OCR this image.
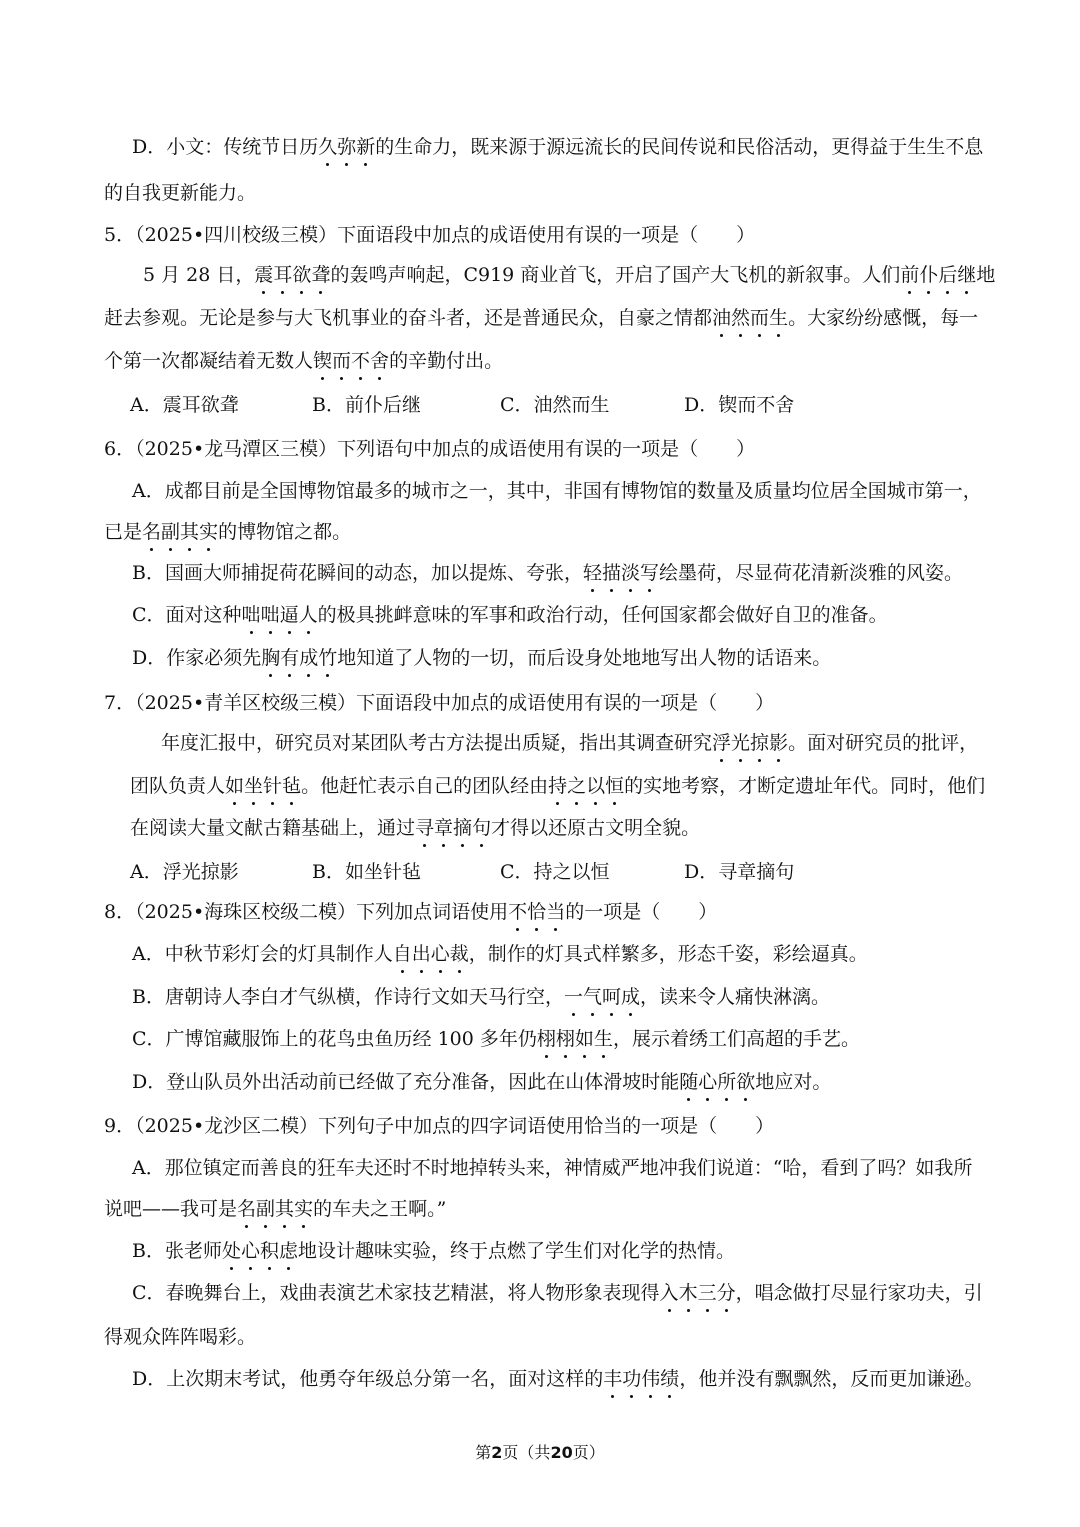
D．小文：传统节日历久弥新的生命力，既来源于源远流长的民间传说和民俗活动，更得益于生生不息

的自我更新能力。

5．（2025•四川校级三模）下面语段中加点的成语使用有误的一项是（　　）

5 月 28 日，震耳欲聋的轰鸣声响起，C919 商业首飞，开启了国产大飞机的新叙事。人们前仆后继地

赶去参观。无论是参与大飞机事业的奋斗者，还是普通民众，自豪之情都油然而生。大家纷纷感慨，每一

个第一次都凝结着无数人锲而不舍的辛勤付出。

A．震耳欲聋	B．前仆后继	C．油然而生	D．锲而不舍

6．（2025•龙马潭区三模）下列语句中加点的成语使用有误的一项是（　　）

A．成都目前是全国博物馆最多的城市之一，其中，非国有博物馆的数量及质量均位居全国城市第一，

已是名副其实的博物馆之都。

B．国画大师捕捉荷花瞬间的动态，加以提炼、夸张，轻描淡写绘墨荷，尽显荷花清新淡雅的风姿。

C．面对这种咄咄逼人的极具挑衅意味的军事和政治行动，任何国家都会做好自卫的准备。

D．作家必须先胸有成竹地知道了人物的一切，而后设身处地地写出人物的话语来。

7．（2025•青羊区校级三模）下面语段中加点的成语使用有误的一项是（　　）

年度汇报中，研究员对某团队考古方法提出质疑，指出其调查研究浮光掠影。面对研究员的批评，

团队负责人如坐针毡。他赶忙表示自己的团队经由持之以恒的实地考察，才断定遗址年代。同时，他们

在阅读大量文献古籍基础上，通过寻章摘句才得以还原古文明全貌。

A．浮光掠影	B．如坐针毡	C．持之以恒	D．寻章摘句

8．（2025•海珠区校级二模）下列加点词语使用不恰当的一项是（　　）

A．中秋节彩灯会的灯具制作人自出心裁，制作的灯具式样繁多，形态千姿，彩绘逼真。

B．唐朝诗人李白才气纵横，作诗行文如天马行空，一气呵成，读来令人痛快淋漓。

C．广博馆藏服饰上的花鸟虫鱼历经 100 多年仍栩栩如生，展示着绣工们高超的手艺。

D．登山队员外出活动前已经做了充分准备，因此在山体滑坡时能随心所欲地应对。

9．（2025•龙沙区二模）下列句子中加点的四字词语使用恰当的一项是（　　）

A．那位镇定而善良的狂车夫还时不时地掉转头来，神情威严地冲我们说道：“哈，看到了吗？如我所

说吧——我可是名副其实的车夫之王啊。”

B．张老师处心积虑地设计趣味实验，终于点燃了学生们对化学的热情。

C．春晚舞台上，戏曲表演艺术家技艺精湛，将人物形象表现得入木三分，唱念做打尽显行家功夫，引

得观众阵阵喝彩。

D．上次期末考试，他勇夺年级总分第一名，面对这样的丰功伟绩，他并没有飘飘然，反而更加谦逊。

第2页（共20页）
